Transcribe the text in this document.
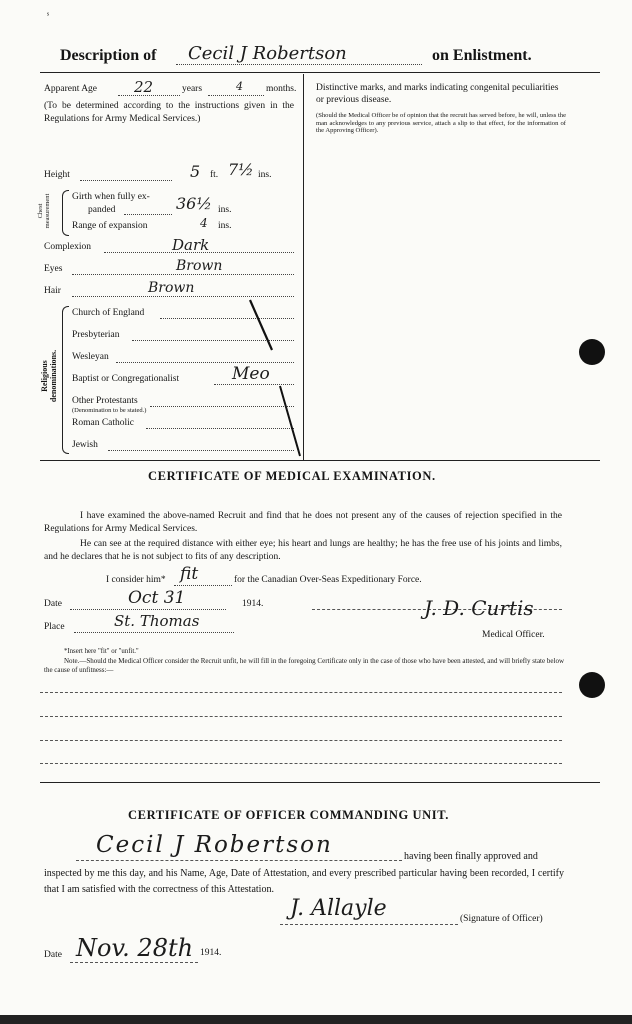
ˢ
Description of Cecil J Robertson	on Enlistment.
Apparent Age 22	years	4 months.
(To be determined according to the instructions given in the Regulations for Army Medical Services.)
Distinctive marks, and marks indicating congenital peculiarities or previous disease.
(Should the Medical Officer be of opinion that the recruit has served before, he will, unless the man acknowledges to any previous service, attach a slip to that effect, for the information of the Approving Officer).
Height	5 ft. 7½ ins.
Chest measurement Girth when fully ex-
panded	36½ ins.
Range of expansion	4 ins.
Complexion	Dark
Eyes	Brown
Hair	Brown
Religious denominations.
Church of England
Presbyterian
Wesleyan
Baptist or Congregationalist	Meo
Other Protestants
(Denomination to be stated.)
Roman Catholic
Jewish
CERTIFICATE OF MEDICAL EXAMINATION.
I have examined the above-named Recruit and find that he does not present any of the causes of rejection specified in the Regulations for Army Medical Services.
He can see at the required distance with either eye; his heart and lungs are healthy; he has the free use of his joints and limbs, and he declares that he is not subject to fits of any description.
I consider him* fit	for the Canadian Over-Seas Expeditionary Force.
Date	Oct 31	1914.	J. D. Curtis
Place	St. Thomas
Medical Officer.
*Insert here "fit" or "unfit."
Note.—Should the Medical Officer consider the Recruit unfit, he will fill in the foregoing Certificate only in the case of those who have been attested, and will briefly state below the cause of unfitness:—
CERTIFICATE OF OFFICER COMMANDING UNIT.
Cecil J Robertson	having been finally approved and
inspected by me this day, and his Name, Age, Date of Attestation, and every prescribed particular having been recorded, I certify that I am satisfied with the correctness of this Attestation.
J. Allayle	(Signature of Officer)
Date Nov. 28th 1914.
